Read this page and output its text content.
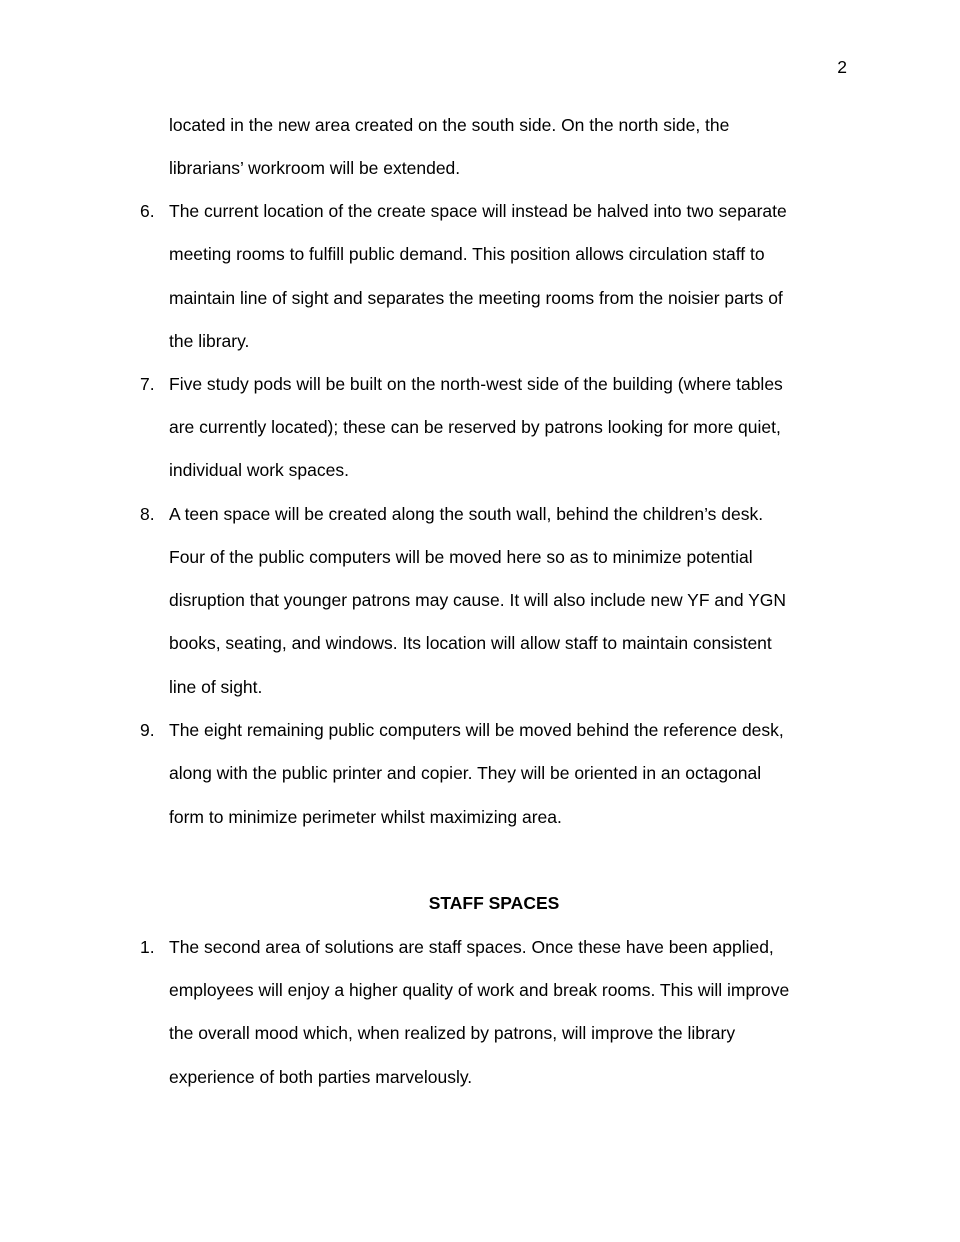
2
located in the new area created on the south side. On the north side, the
librarians’ workroom will be extended.
6. The current location of the create space will instead be halved into two separate
meeting rooms to fulfill public demand. This position allows circulation staff to
maintain line of sight and separates the meeting rooms from the noisier parts of
the library.
7. Five study pods will be built on the north-west side of the building (where tables
are currently located); these can be reserved by patrons looking for more quiet,
individual work spaces.
8. A teen space will be created along the south wall, behind the children’s desk.
Four of the public computers will be moved here so as to minimize potential
disruption that younger patrons may cause. It will also include new YF and YGN
books, seating, and windows. Its location will allow staff to maintain consistent
line of sight.
9. The eight remaining public computers will be moved behind the reference desk,
along with the public printer and copier. They will be oriented in an octagonal
form to minimize perimeter whilst maximizing area.
STAFF SPACES
1. The second area of solutions are staff spaces. Once these have been applied,
employees will enjoy a higher quality of work and break rooms. This will improve
the overall mood which, when realized by patrons, will improve the library
experience of both parties marvelously.
